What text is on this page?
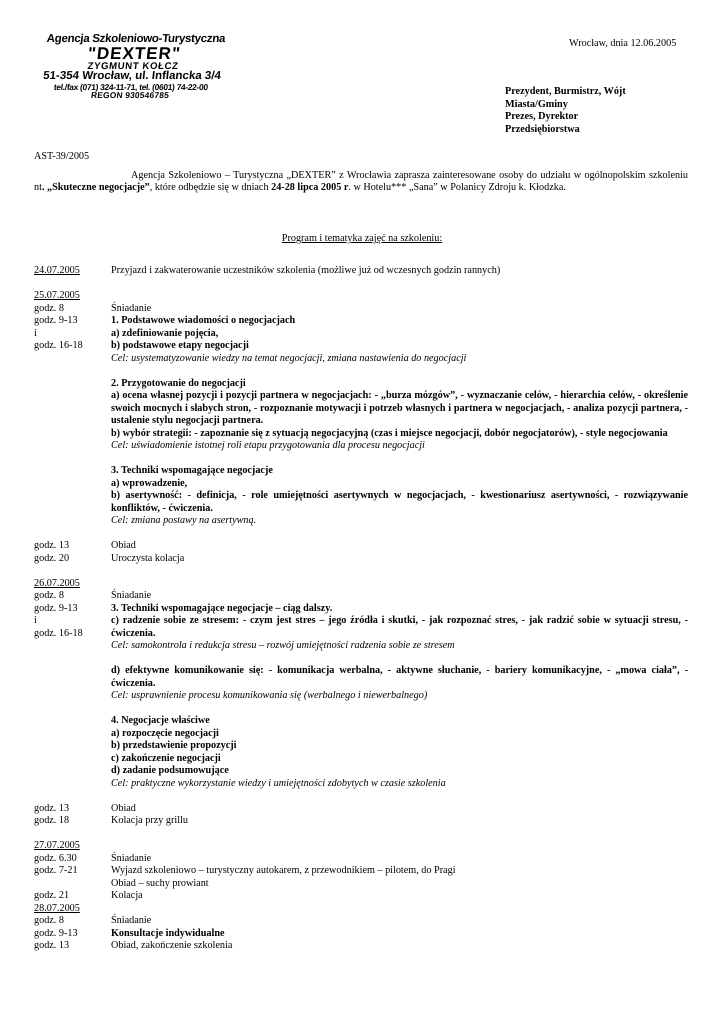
Agencja Szkoleniowo-Turystyczna
"DEXTER"
ZYGMUNT KOŁCZ
51-354 Wrocław, ul. Inflancka 3/4
tel./fax (071) 324-11-71, tel. (0601) 74-22-00
REGON 930546785
Wrocław, dnia 12.06.2005
Prezydent, Burmistrz, Wójt
Miasta/Gminy
Prezes, Dyrektor
Przedsiębiorstwa
AST-39/2005
Agencja Szkoleniowo – Turystyczna „DEXTER” z Wrocławia zaprasza zainteresowane osoby do udziału w ogólnopolskim szkoleniu nt. „Skuteczne negocjacje”, które odbędzie się w dniach 24-28 lipca 2005 r. w Hotelu*** „Sana” w Polanicy Zdroju k. Kłodzka.
Program i tematyka zajęć na szkoleniu:
24.07.2005	Przyjazd i zakwaterowanie uczestników szkolenia (możliwe już od wczesnych godzin rannych)
25.07.2005
godz. 8	Śniadanie
godz. 9-13
i
godz. 16-18
1. Podstawowe wiadomości o negocjacjach
a) zdefiniowanie pojęcia,
b) podstawowe etapy negocjacji
Cel: usystematyzowanie wiedzy na temat negocjacji, zmiana nastawienia do negocjacji
2. Przygotowanie do negocjacji
a) ocena własnej pozycji i pozycji partnera w negocjacjach: - „burza mózgów”, - wyznaczanie celów, - hierarchia celów, - określenie swoich mocnych i słabych stron, - rozpoznanie motywacji i potrzeb własnych i partnera w negocjacjach, - analiza pozycji partnera, - ustalenie stylu negocjacji partnera.
b) wybór strategii: - zapoznanie się z sytuacją negocjacyjną (czas i miejsce negocjacji, dobór negocjatorów), - style negocjowania
Cel: uświadomienie istotnej roli etapu przygotowania dla procesu negocjacji
3. Techniki wspomagające negocjacje
a) wprowadzenie,
b) asertywność: - definicja, - role umiejętności asertywnych w negocjacjach, - kwestionariusz asertywności, - rozwiązywanie konfliktów, - ćwiczenia.
Cel: zmiana postawy na asertywną.
godz. 13	Obiad
godz. 20	Uroczysta kolacja
26.07.2005
godz. 8	Śniadanie
godz. 9-13
i
godz. 16-18
3. Techniki wspomagające negocjacje – ciąg dalszy.
c) radzenie sobie ze stresem: - czym jest stres – jego źródła i skutki, - jak rozpoznać stres, - jak radzić sobie w sytuacji stresu, - ćwiczenia.
Cel: samokontrola i redukcja stresu – rozwój umiejętności radzenia sobie ze stresem
d) efektywne komunikowanie się: - komunikacja werbalna, - aktywne słuchanie, - bariery komunikacyjne, - „mowa ciała”, - ćwiczenia.
Cel: usprawnienie procesu komunikowania się (werbalnego i niewerbalnego)
4. Negocjacje właściwe
a) rozpoczęcie negocjacji
b) przedstawienie propozycji
c) zakończenie negocjacji
d) zadanie podsumowujące
Cel: praktyczne wykorzystanie wiedzy i umiejętności zdobytych w czasie szkolenia
godz. 13	Obiad
godz. 18	Kolacja przy grillu
27.07.2005
godz. 6.30	Śniadanie
godz. 7-21	Wyjazd szkoleniowo – turystyczny autokarem, z przewodnikiem – pilotem, do Pragi
Obiad – suchy prowiant
godz. 21	Kolacja
28.07.2005
godz. 8	Śniadanie
godz. 9-13	Konsultacje indywidualne
godz. 13	Obiad, zakończenie szkolenia
